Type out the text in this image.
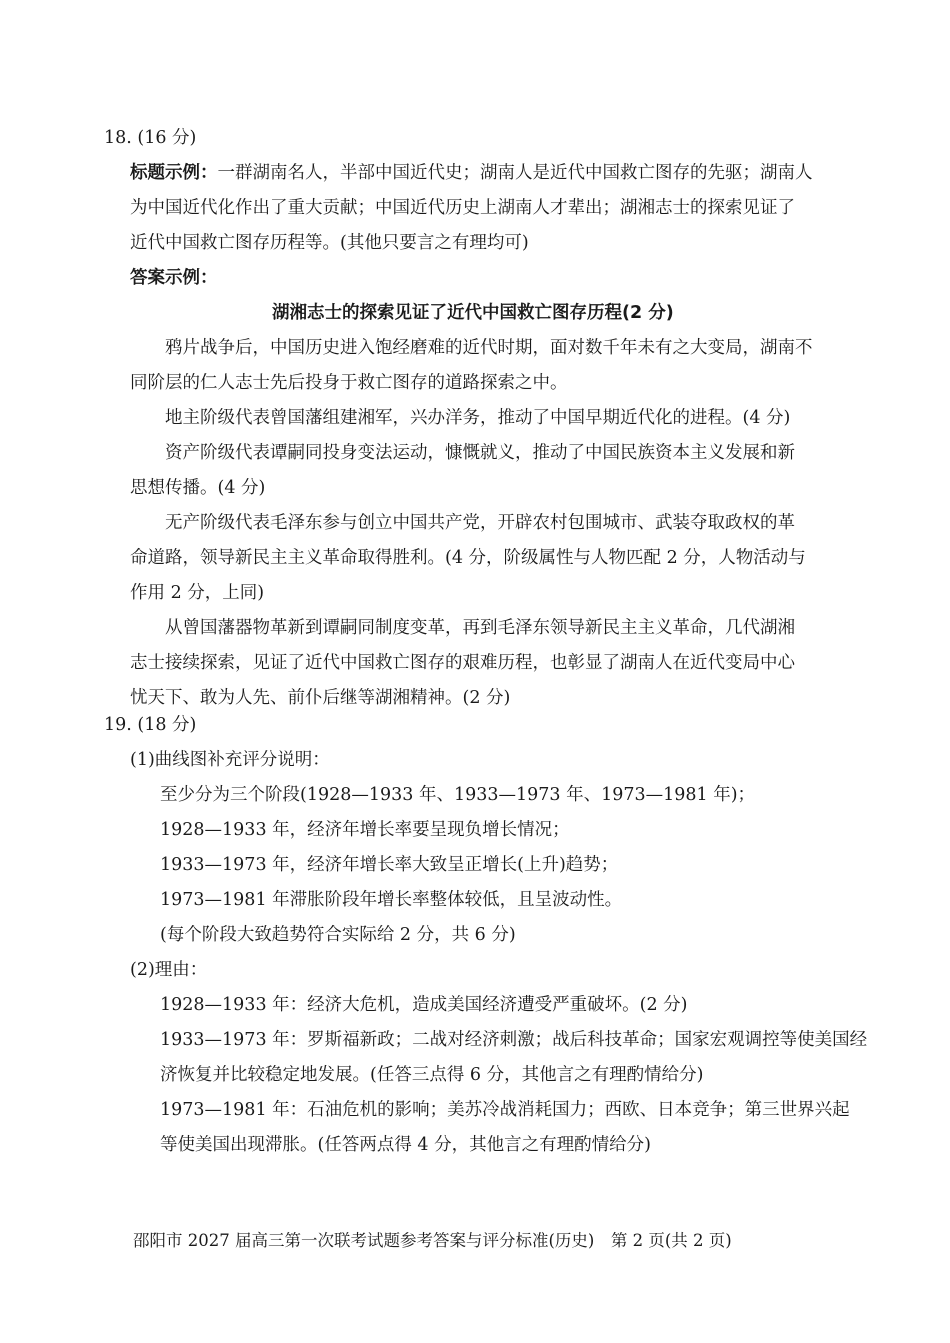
18. (16 分)
标题示例：一群湖南名人，半部中国近代史；湖南人是近代中国救亡图存的先驱；湖南人
为中国近代化作出了重大贡献；中国近代历史上湖南人才辈出；湖湘志士的探索见证了
近代中国救亡图存历程等。(其他只要言之有理均可)
答案示例：
湖湘志士的探索见证了近代中国救亡图存历程(2 分)
鸦片战争后，中国历史进入饱经磨难的近代时期，面对数千年未有之大变局，湖南不
同阶层的仁人志士先后投身于救亡图存的道路探索之中。
地主阶级代表曾国藩组建湘军，兴办洋务，推动了中国早期近代化的进程。(4 分)
资产阶级代表谭嗣同投身变法运动，慷慨就义，推动了中国民族资本主义发展和新
思想传播。(4 分)
无产阶级代表毛泽东参与创立中国共产党，开辟农村包围城市、武装夺取政权的革
命道路，领导新民主主义革命取得胜利。(4 分，阶级属性与人物匹配 2 分，人物活动与
作用 2 分，上同)
从曾国藩器物革新到谭嗣同制度变革，再到毛泽东领导新民主主义革命，几代湖湘
志士接续探索，见证了近代中国救亡图存的艰难历程，也彰显了湖南人在近代变局中心
忧天下、敢为人先、前仆后继等湖湘精神。(2 分)
19. (18 分)
(1)曲线图补充评分说明：
至少分为三个阶段(1928—1933 年、1933—1973 年、1973—1981 年)；
1928—1933 年，经济年增长率要呈现负增长情况；
1933—1973 年，经济年增长率大致呈正增长(上升)趋势；
1973—1981 年滞胀阶段年增长率整体较低，且呈波动性。
(每个阶段大致趋势符合实际给 2 分，共 6 分)
(2)理由：
1928—1933 年：经济大危机，造成美国经济遭受严重破坏。(2 分)
1933—1973 年：罗斯福新政；二战对经济刺激；战后科技革命；国家宏观调控等使美国经
济恢复并比较稳定地发展。(任答三点得 6 分，其他言之有理酌情给分)
1973—1981 年：石油危机的影响；美苏冷战消耗国力；西欧、日本竞争；第三世界兴起
等使美国出现滞胀。(任答两点得 4 分，其他言之有理酌情给分)
邵阳市 2027 届高三第一次联考试题参考答案与评分标准(历史)　第 2 页(共 2 页)
